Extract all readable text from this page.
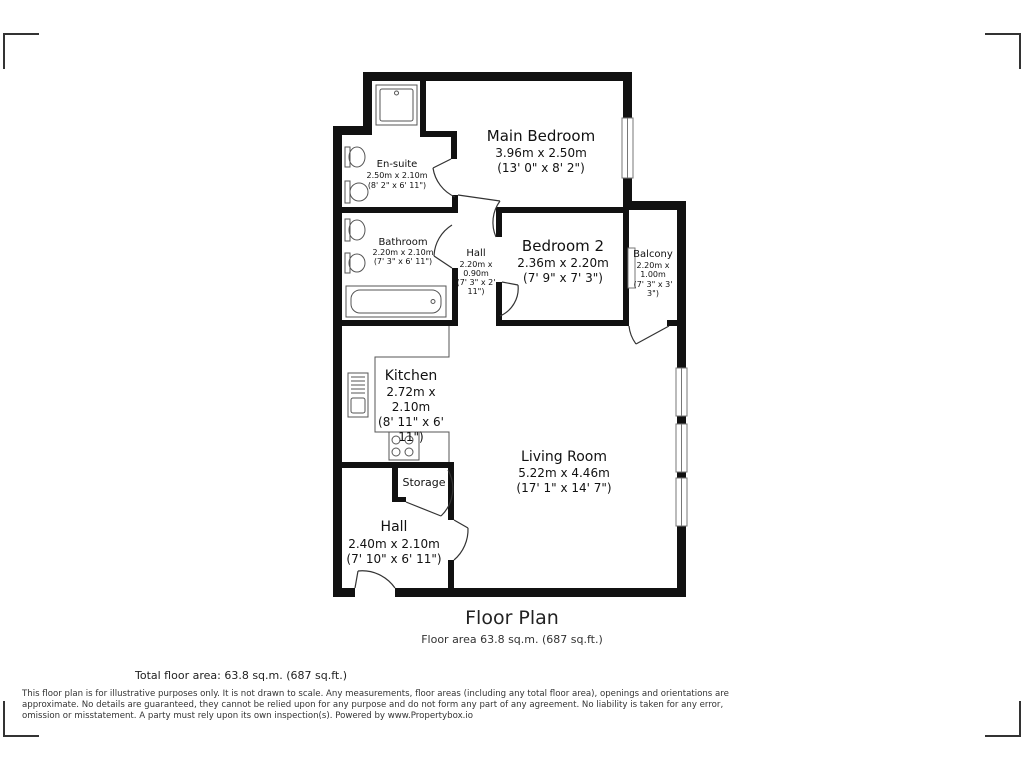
Main Bedroom
3.96m x 2.50m
(13' 0" x 8' 2")
En-suite
2.50m x 2.10m
(8' 2" x 6' 11")
Bathroom
2.20m x 2.10m
(7' 3" x 6' 11")
Hall
2.20m x
0.90m
(7' 3" x 2'
11")
Bedroom 2
2.36m x 2.20m
(7' 9" x 7' 3")
Balcony
2.20m x
1.00m
(7' 3" x 3'
3")
Kitchen
2.72m x
2.10m
(8' 11" x 6'
11")
Living Room
5.22m x 4.46m
(17' 1" x 14' 7")
Storage
Hall
2.40m x 2.10m
(7' 10" x 6' 11")
Floor Plan
Floor area 63.8 sq.m. (687 sq.ft.)
Total floor area: 63.8 sq.m. (687 sq.ft.)
This floor plan is for illustrative purposes only. It is not drawn to scale. Any measurements, floor areas (including any total floor area), openings and orientations are approximate. No details are guaranteed, they cannot be relied upon for any purpose and do not form any part of any agreement. No liability is taken for any error, omission or misstatement. A party must rely upon its own inspection(s). Powered by www.Propertybox.io
